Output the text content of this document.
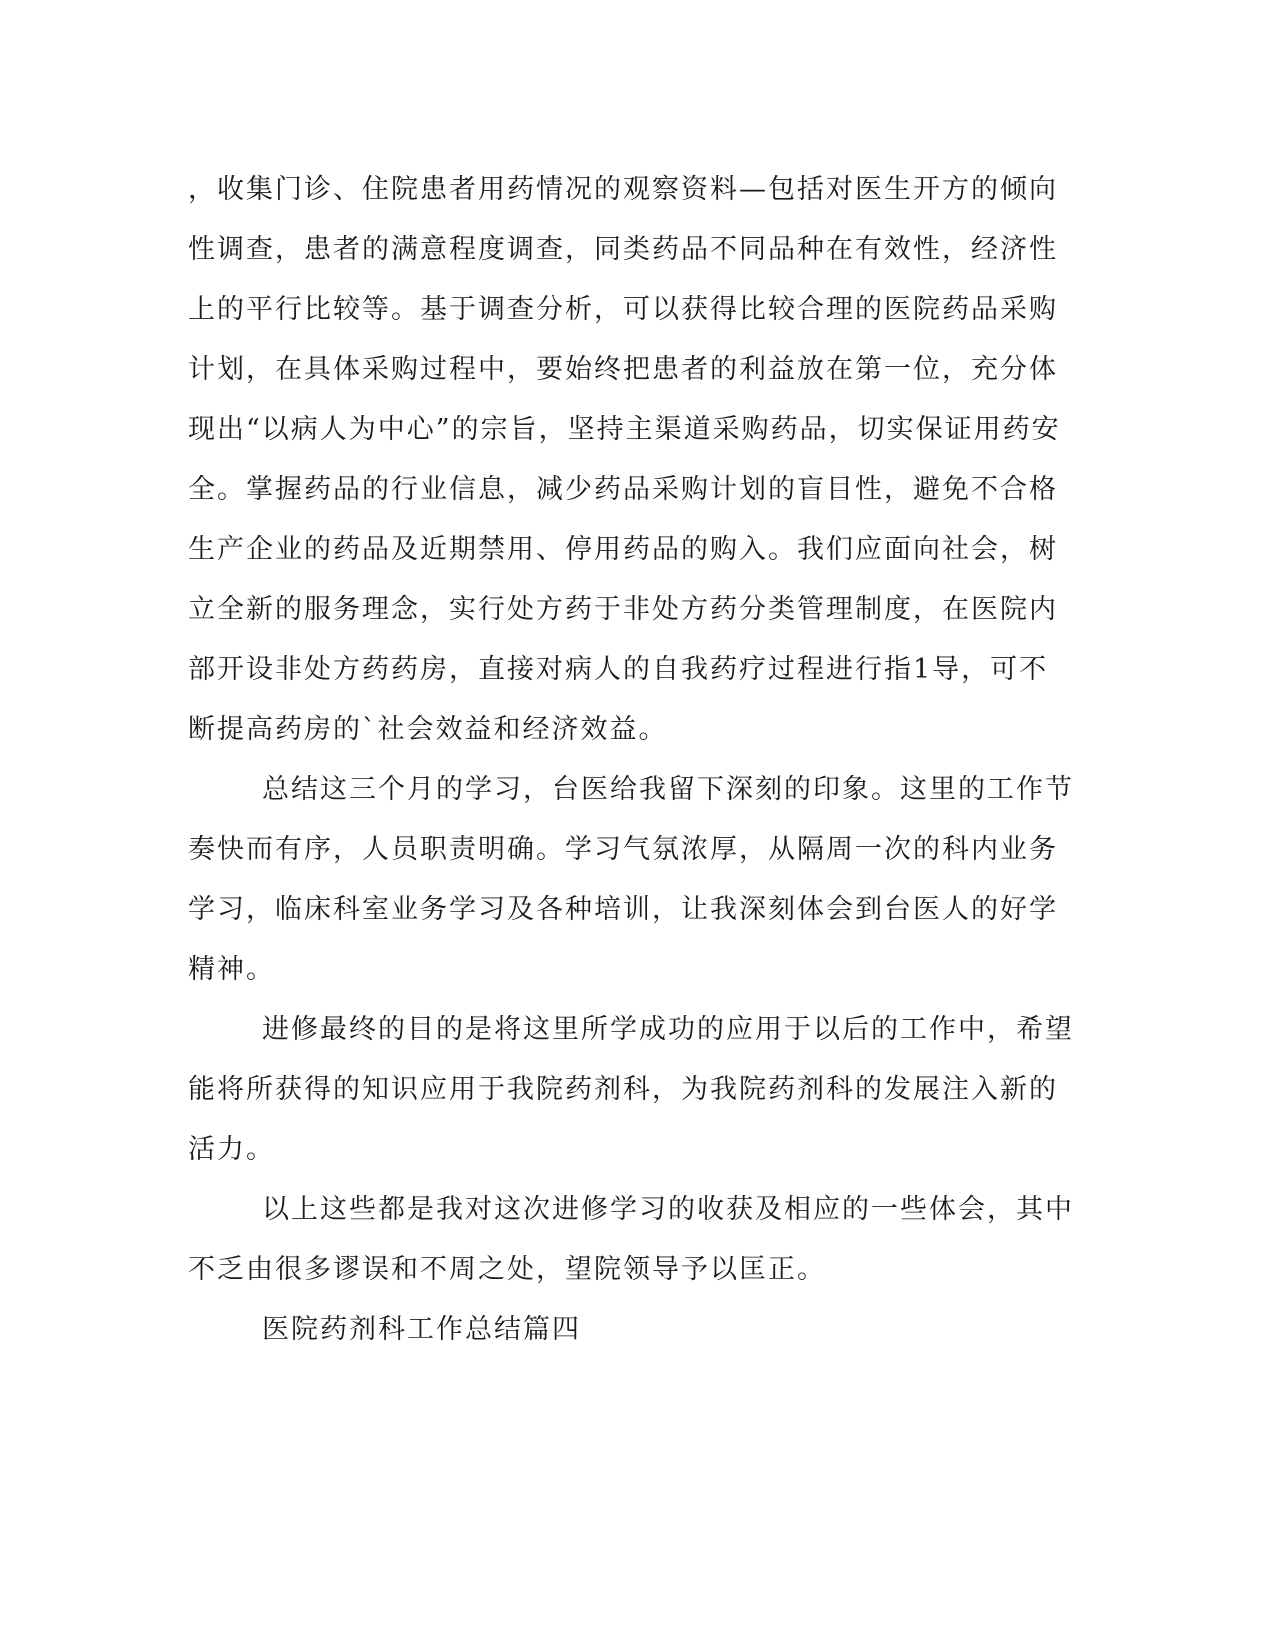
，收集门诊、住院患者用药情况的观察资料—包括对医生开方的倾向
性调查，患者的满意程度调查，同类药品不同品种在有效性，经济性
上的平行比较等。基于调查分析，可以获得比较合理的医院药品采购
计划，在具体采购过程中，要始终把患者的利益放在第一位，充分体
现出“以病人为中心”的宗旨，坚持主渠道采购药品，切实保证用药安
全。掌握药品的行业信息，减少药品采购计划的盲目性，避免不合格
生产企业的药品及近期禁用、停用药品的购入。我们应面向社会，树
立全新的服务理念，实行处方药于非处方药分类管理制度，在医院内
部开设非处方药药房，直接对病人的自我药疗过程进行指1导，可不
断提高药房的`社会效益和经济效益。
总结这三个月的学习，台医给我留下深刻的印象。这里的工作节
奏快而有序，人员职责明确。学习气氛浓厚，从隔周一次的科内业务
学习，临床科室业务学习及各种培训，让我深刻体会到台医人的好学
精神。
进修最终的目的是将这里所学成功的应用于以后的工作中，希望
能将所获得的知识应用于我院药剂科，为我院药剂科的发展注入新的
活力。
以上这些都是我对这次进修学习的收获及相应的一些体会，其中
不乏由很多谬误和不周之处，望院领导予以匡正。
医院药剂科工作总结篇四
